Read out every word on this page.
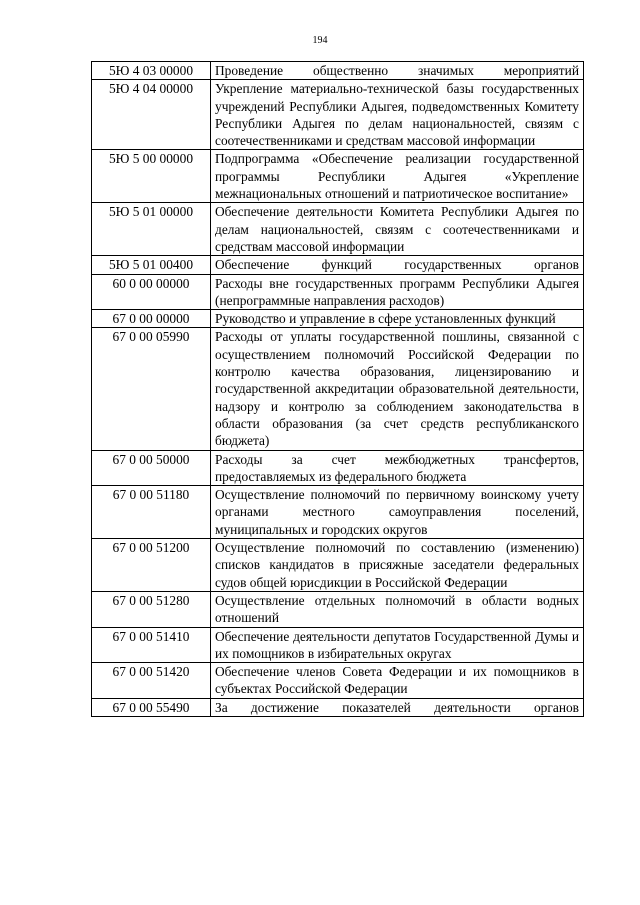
194
5Ю 4 03 00000	Проведение общественно значимых мероприятий
5Ю 4 04 00000	Укрепление материально-технической базы государственных учреждений Республики Адыгея, подведомственных Комитету Республики Адыгея по делам национальностей, связям с соотечественниками и средствам массовой информации
5Ю 5 00 00000	Подпрограмма «Обеспечение реализации государственной программы Республики Адыгея «Укрепление межнациональных отношений и патриотическое воспитание»
5Ю 5 01 00000	Обеспечение деятельности Комитета Республики Адыгея по делам национальностей, связям с соотечественниками и средствам массовой информации
5Ю 5 01 00400	Обеспечение функций государственных органов
60 0 00 00000	Расходы вне государственных программ Республики Адыгея (непрограммные направления расходов)
67 0 00 00000	Руководство и управление в сфере установленных функций
67 0 00 05990	Расходы от уплаты государственной пошлины, связанной с осуществлением полномочий Российской Федерации по контролю качества образования, лицензированию и государственной аккредитации образовательной деятельности, надзору и контролю за соблюдением законодательства в области образования (за счет средств республиканского бюджета)
67 0 00 50000	Расходы за счет межбюджетных трансфертов, предоставляемых из федерального бюджета
67 0 00 51180	Осуществление полномочий по первичному воинскому учету органами местного самоуправления поселений, муниципальных и городских округов
67 0 00 51200	Осуществление полномочий по составлению (изменению) списков кандидатов в присяжные заседатели федеральных судов общей юрисдикции в Российской Федерации
67 0 00 51280	Осуществление отдельных полномочий в области водных отношений
67 0 00 51410	Обеспечение деятельности депутатов Государственной Думы и их помощников в избирательных округах
67 0 00 51420	Обеспечение членов Совета Федерации и их помощников в субъектах Российской Федерации
67 0 00 55490	За достижение показателей деятельности органов
